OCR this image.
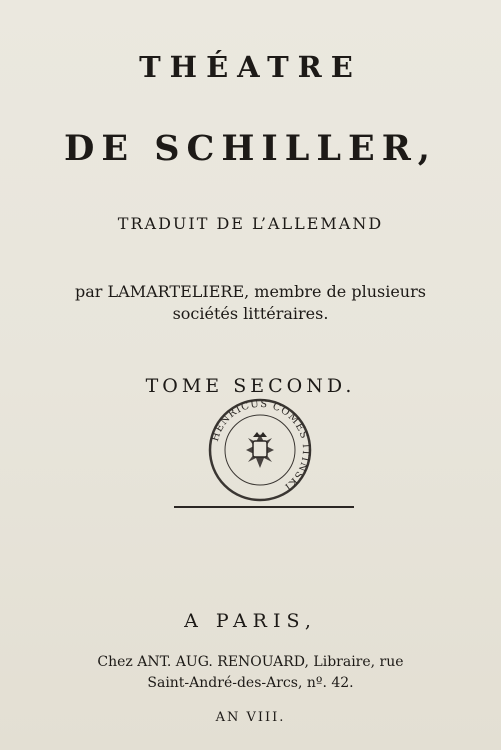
THÉATRE
DE SCHILLER,
TRADUIT DE L’ALLEMAND
par LAMARTELIERE, membre de plusieurs
sociétés littéraires.
TOME SECOND.
HENRICUS COMES ITINSKI
A PARIS,
Chez ANT. AUG. RENOUARD, Libraire, rue
Saint-André-des-Arcs, nº. 42.
AN VIII.
